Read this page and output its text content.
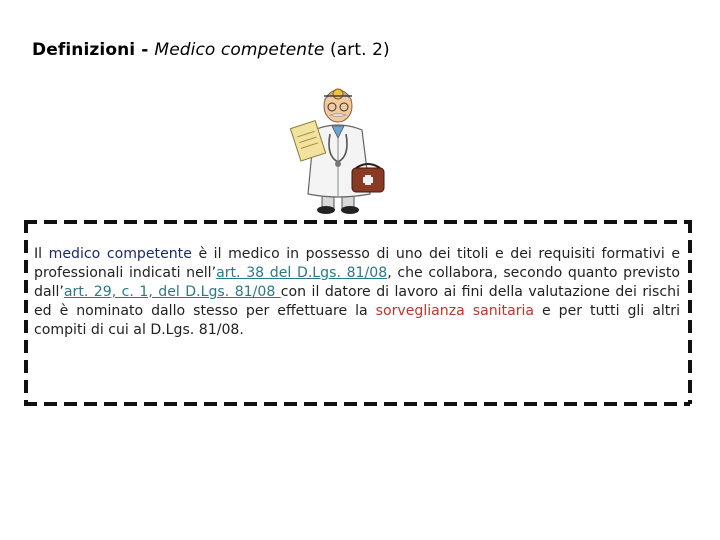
Definizioni - Medico competente (art. 2)
Il medico competente è il medico in possesso di uno dei titoli e dei requisiti formativi e professionali indicati nell’art. 38 del D.Lgs. 81/08, che collabora, secondo quanto previsto dall’art. 29, c. 1, del D.Lgs. 81/08 con il datore di lavoro ai fini della valutazione dei rischi ed è nominato dallo stesso per effettuare la sorveglianza sanitaria e per tutti gli altri compiti di cui al D.Lgs. 81/08.
